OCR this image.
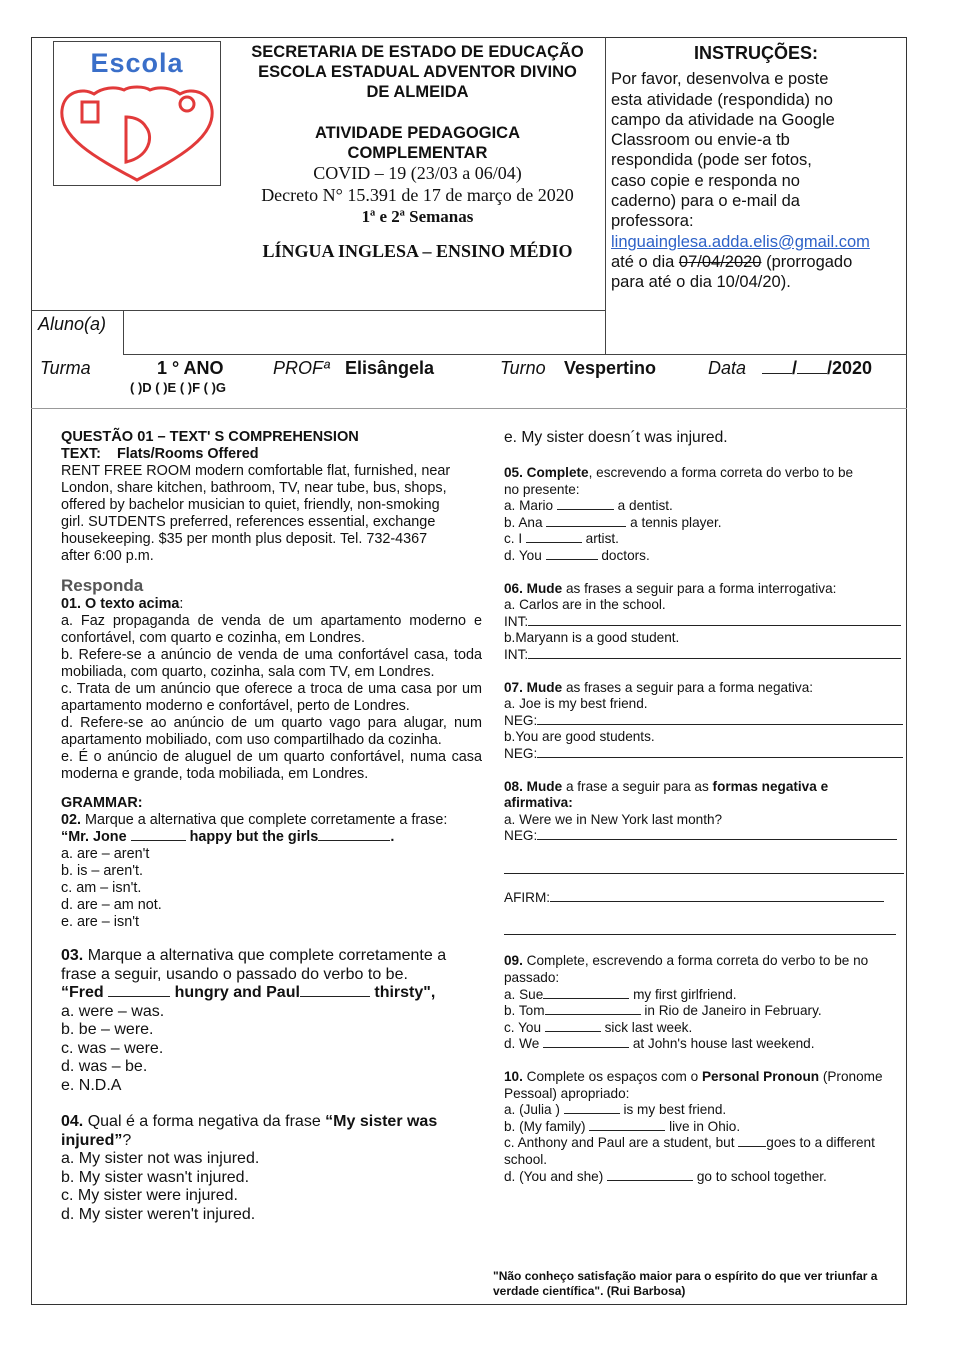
Escola	SECRETARIA DE ESTADO DE EDUCAÇÃO
ESCOLA ESTADUAL ADVENTOR DIVINO
DE ALMEIDA
ATIVIDADE PEDAGOGICA
COMPLEMENTAR
COVID – 19 (23/03 a 06/04)
Decreto N° 15.391 de 17 de março de 2020
1ª e 2ª Semanas
LÍNGUA INGLESA – ENSINO MÉDIO
INSTRUÇÕES:
Por favor, desenvolva e poste
esta atividade (respondida) no
campo da atividade na Google
Classroom ou envie-a tb
respondida (pode ser fotos,
caso copie e responda no
caderno) para o e-mail da
professora:
linguainglesa.adda.elis@gmail.com
até o dia 07/04/2020 (prorrogado
para até o dia 10/04/20).
Aluno(a)
Turma	1 ° ANO
( )D ( )E ( )F ( )G
PROFª Elisângela	Turno Vespertino	Data	/ /2020
QUESTÃO 01 – TEXT' S COMPREHENSION
TEXT: Flats/Rooms Offered
RENT FREE ROOM modern comfortable flat, furnished, near
London, share kitchen, bathroom, TV, near tube, bus, shops,
offered by bachelor musician to quiet, friendly, non-smoking
girl. SUTDENTS preferred, references essential, exchange
housekeeping. $35 per month plus deposit. Tel. 732-4367
after 6:00 p.m.
Responda
01. O texto acima:

a. Faz propaganda de venda de um apartamento moderno e confortável, com quarto e cozinha, em Londres.

b. Refere-se a anúncio de venda de uma confortável casa, toda mobiliada, com quarto, cozinha, sala com TV, em Londres.

c. Trata de um anúncio que oferece a troca de uma casa por um apartamento moderno e confortável, perto de Londres.

d. Refere-se ao anúncio de um quarto vago para alugar, num apartamento mobiliado, com uso compartilhado da cozinha.

e. É o anúncio de aluguel de um quarto confortável, numa casa moderna e grande, toda mobiliada, em Londres.

GRAMMAR:
02. Marque a alternativa que complete corretamente a frase:
“Mr. Jone	happy but the girls	.
a. are – aren't
b. is – aren't.
c. am – isn't.
d. are – am not.
e. are – isn't
03. Marque a alternativa que complete corretamente a
frase a seguir, usando o passado do verbo to be.
“Fred	hungry and Paul	thirsty",
a. were – was.
b. be – were.
c. was – were.
d. was – be.
e. N.D.A
04. Qual é a forma negativa da frase “My sister was injured”?
a. My sister not was injured.
b. My sister wasn't injured.
c. My sister were injured.
d. My sister weren't injured.
e. My sister doesn´t was injured.
05. Complete, escrevendo a forma correta do verbo to be
no presente:
a. Mario	a dentist.
b. Ana	a tennis player.
c. I	artist.
d. You	doctors.
06. Mude as frases a seguir para a forma interrogativa:
a. Carlos are in the school.
INT:
b.Maryann is a good student.
INT:
07. Mude as frases a seguir para a forma negativa:
a. Joe is my best friend.
NEG:
b.You are good students.
NEG:
08. Mude a frase a seguir para as formas negativa e
afirmativa:
a. Were we in New York last month?
NEG:
AFIRM:
09. Complete, escrevendo a forma correta do verbo to be no
passado:
a. Sue	my first girlfriend.
b. Tom	in Rio de Janeiro in February.
c. You	sick last week.
d. We	at John's house last weekend.
10. Complete os espaços com o Personal Pronoun (Pronome
Pessoal) apropriado:
a. (Julia )	is my best friend.
b. (My family)	live in Ohio.
c. Anthony and Paul are a student, but goes to a different
school.
d. (You and she)	go to school together.
"Não conheço satisfação maior para o espírito do que ver triunfar a
verdade científica". (Rui Barbosa)
